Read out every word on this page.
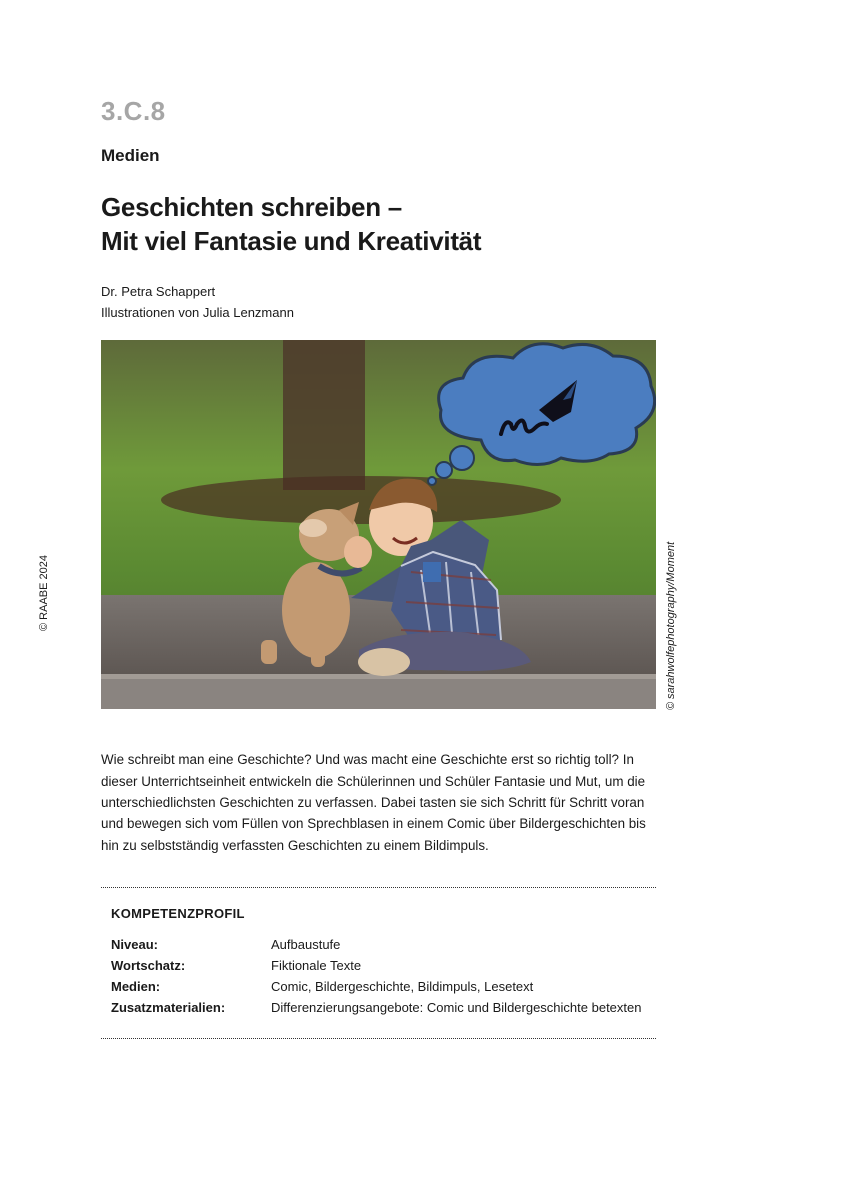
3.C.8
Medien
Geschichten schreiben –
Mit viel Fantasie und Kreativität
Dr. Petra Schappert
Illustrationen von Julia Lenzmann
© RAABE 2024	© sarahwolfephotography/Moment

Wie schreibt man eine Geschichte? Und was macht eine Geschichte erst so richtig toll? In dieser Unterrichtseinheit entwickeln die Schülerinnen und Schüler Fantasie und Mut, um die unterschiedlichsten Geschichten zu verfassen. Dabei tasten sie sich Schritt für Schritt voran und bewegen sich vom Füllen von Sprechblasen in einem Comic über Bildergeschichten bis hin zu selbstständig verfassten Geschichten zu einem Bildimpuls.

KOMPETENZPROFIL
Niveau:	Aufbaustufe
Wortschatz:	Fiktionale Texte
Medien:	Comic, Bildergeschichte, Bildimpuls, Lesetext
Zusatzmaterialien:	Differenzierungsangebote: Comic und Bildergeschichte betexten
